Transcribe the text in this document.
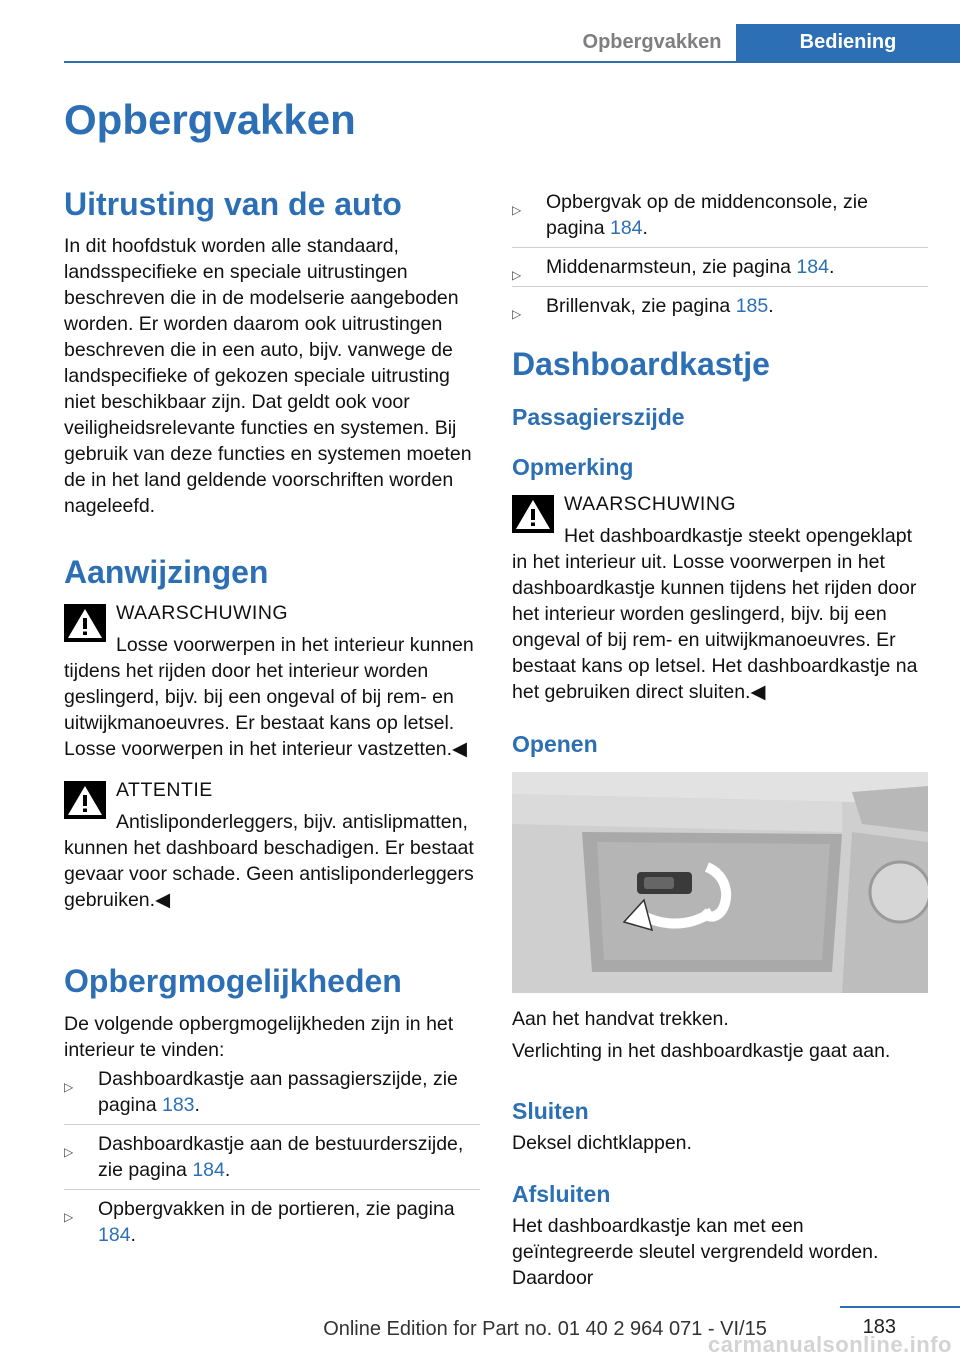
Opbergvakken	Bediening
Opbergvakken
Uitrusting van de auto

In dit hoofdstuk worden alle standaard, landsspecifieke en speciale uitrustingen beschreven die in de modelserie aangeboden worden. Er worden daarom ook uitrustingen beschreven die in een auto, bijv. vanwege de landspecifieke of gekozen speciale uitrusting niet beschikbaar zijn. Dat geldt ook voor veiligheidsrelevante functies en systemen. Bij gebruik van deze functies en systemen moeten de in het land geldende voorschriften worden nageleefd.

Aanwijzingen
WAARSCHUWING

Losse voorwerpen in het interieur kunnen tijdens het rijden door het interieur worden geslingerd, bijv. bij een ongeval of bij rem- en uitwijkmanoeuvres. Er bestaat kans op letsel. Losse voorwerpen in het interieur vastzetten.◀

ATTENTIE

Antisliponderleggers, bijv. antislipmatten, kunnen het dashboard beschadigen. Er bestaat gevaar voor schade. Geen antisliponderleggers gebruiken.◀

Opbergmogelijkheden

De volgende opbergmogelijkheden zijn in het interieur te vinden:

▷ Dashboardkastje aan passagierszijde, zie pagina 183.
▷ Dashboardkastje aan de bestuurderszijde, zie pagina 184.
▷ Opbergvakken in de portieren, zie pagina 184.
▷ Opbergvak op de middenconsole, zie pagina 184.
▷ Middenarmsteun, zie pagina 184.
▷ Brillenvak, zie pagina 185.
Dashboardkastje
Passagierszijde
Opmerking
WAARSCHUWING

Het dashboardkastje steekt opengeklapt in het interieur uit. Losse voorwerpen in het dashboardkastje kunnen tijdens het rijden door het interieur worden geslingerd, bijv. bij een ongeval of bij rem- en uitwijkmanoeuvres. Er bestaat kans op letsel. Het dashboardkastje na het gebruiken direct sluiten.◀

Openen

Aan het handvat trekken.

Verlichting in het dashboardkastje gaat aan.

Sluiten

Deksel dichtklappen.

Afsluiten

Het dashboardkastje kan met een geïntegreerde sleutel vergrendeld worden. Daardoor

183
Online Edition for Part no. 01 40 2 964 071 - VI/15
carmanualsonline.info
